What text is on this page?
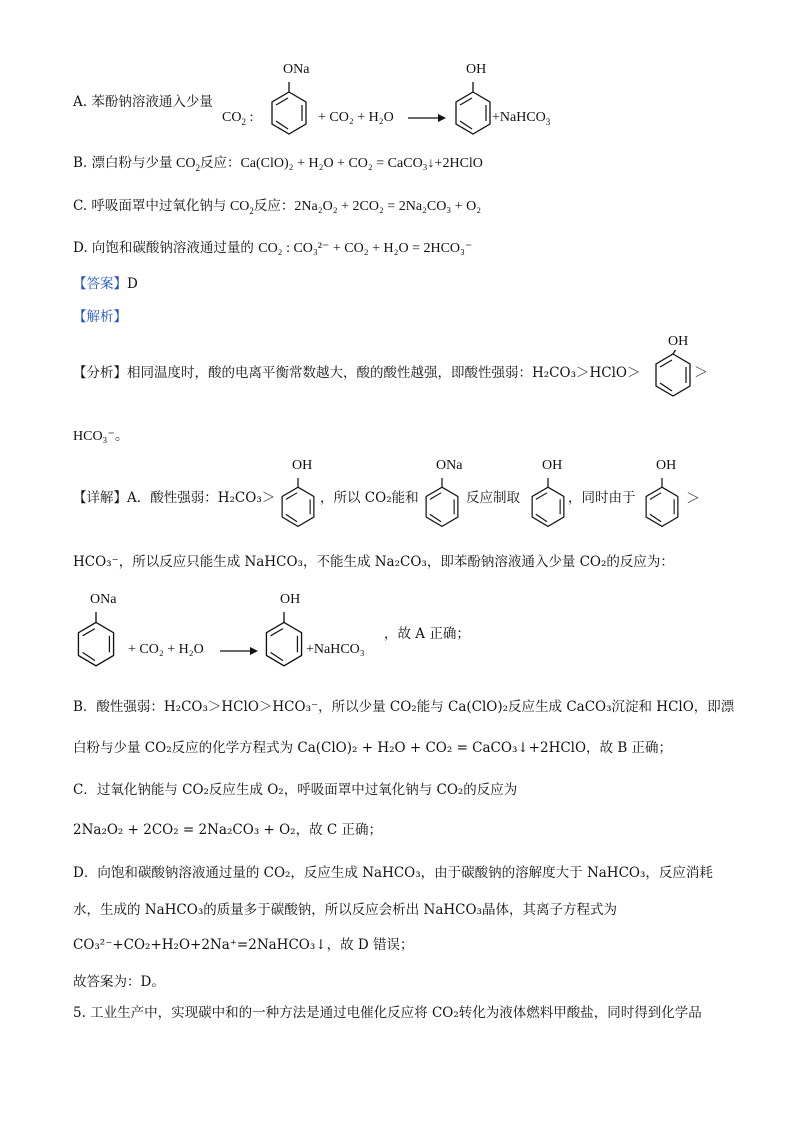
A. 苯酚钠溶液通入少量
$CO_2$ :
ONa
+ CO₂ + H₂O →
OH
+NaHCO$_3$
B. 漂白粉与少量 $CO_2$反应：Ca(ClO)₂ + H₂O + CO₂ = CaCO₃↓+2HClO
C. 呼吸面罩中过氧化钠与 $CO_2$反应：2Na₂O₂ + 2CO₂ = 2Na₂CO₃ + O₂
D. 向饱和碳酸钠溶液通过量的 CO₂ : CO₃²⁻ + CO₂ + H₂O = 2HCO₃⁻
【答案】D
【解析】
【分析】相同温度时，酸的电离平衡常数越大，酸的酸性越强，即酸性强弱：H₂CO₃＞HClO＞
OH
＞
HCO₃⁻。
【详解】A．酸性强弱：H₂CO₃＞
OH
，所以 CO₂能和
ONa
反应制取
OH
，同时由于
OH
＞
HCO₃⁻，所以反应只能生成 NaHCO₃，不能生成 Na₂CO₃，即苯酚钠溶液通入少量 CO₂的反应为：
ONa
+ CO₂ + H₂O →
OH
+NaHCO₃
，故 A 正确；
B．酸性强弱：H₂CO₃＞HClO＞HCO₃⁻，所以少量 CO₂能与 Ca(ClO)₂反应生成 CaCO₃沉淀和 HClO，即漂
白粉与少量 CO₂反应的化学方程式为 Ca(ClO)₂ + H₂O + CO₂ = CaCO₃↓+2HClO，故 B 正确；
C．过氧化钠能与 CO₂反应生成 O₂，呼吸面罩中过氧化钠与 CO₂的反应为
2Na₂O₂ + 2CO₂ = 2Na₂CO₃ + O₂，故 C 正确；
D．向饱和碳酸钠溶液通过量的 CO₂，反应生成 NaHCO₃，由于碳酸钠的溶解度大于 NaHCO₃，反应消耗
水，生成的 NaHCO₃的质量多于碳酸钠，所以反应会析出 NaHCO₃晶体，其离子方程式为
CO₃²⁻+CO₂+H₂O+2Na⁺=2NaHCO₃↓，故 D 错误；
故答案为：D。
5. 工业生产中，实现碳中和的一种方法是通过电催化反应将 CO₂转化为液体燃料甲酸盐，同时得到化学品
